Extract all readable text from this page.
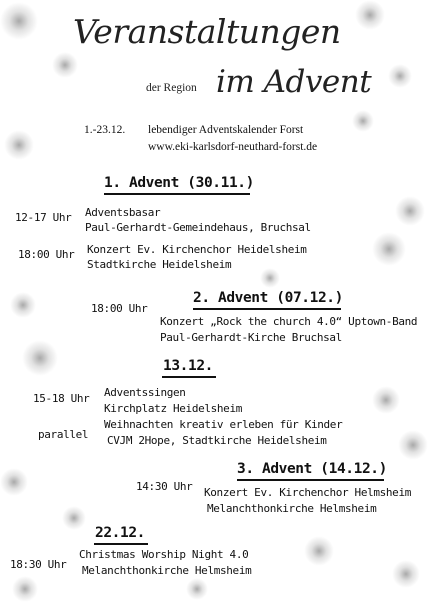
Veranstaltungen
der Region im Advent
1.-23.12. lebendiger Adventskalender Forst
www.eki-karlsdorf-neuthard-forst.de
1. Advent (30.11.)
12-17 Uhr Adventsbasar
Paul-Gerhardt-Gemeindehaus, Bruchsal
18:00 Uhr Konzert Ev. Kirchenchor Heidelsheim
Stadtkirche Heidelsheim
2. Advent (07.12.)
18:00 Uhr
Konzert „Rock the church 4.0“ Uptown-Band
Paul-Gerhardt-Kirche Bruchsal
13.12.
15-18 Uhr Adventssingen
Kirchplatz Heidelsheim
parallel
Weihnachten kreativ erleben für Kinder
CVJM 2Hope, Stadtkirche Heidelsheim
3. Advent (14.12.)
14:30 Uhr Konzert Ev. Kirchenchor Helmsheim
Melanchthonkirche Helmsheim
22.12.
18:30 Uhr
Christmas Worship Night 4.0
Melanchthonkirche Helmsheim
